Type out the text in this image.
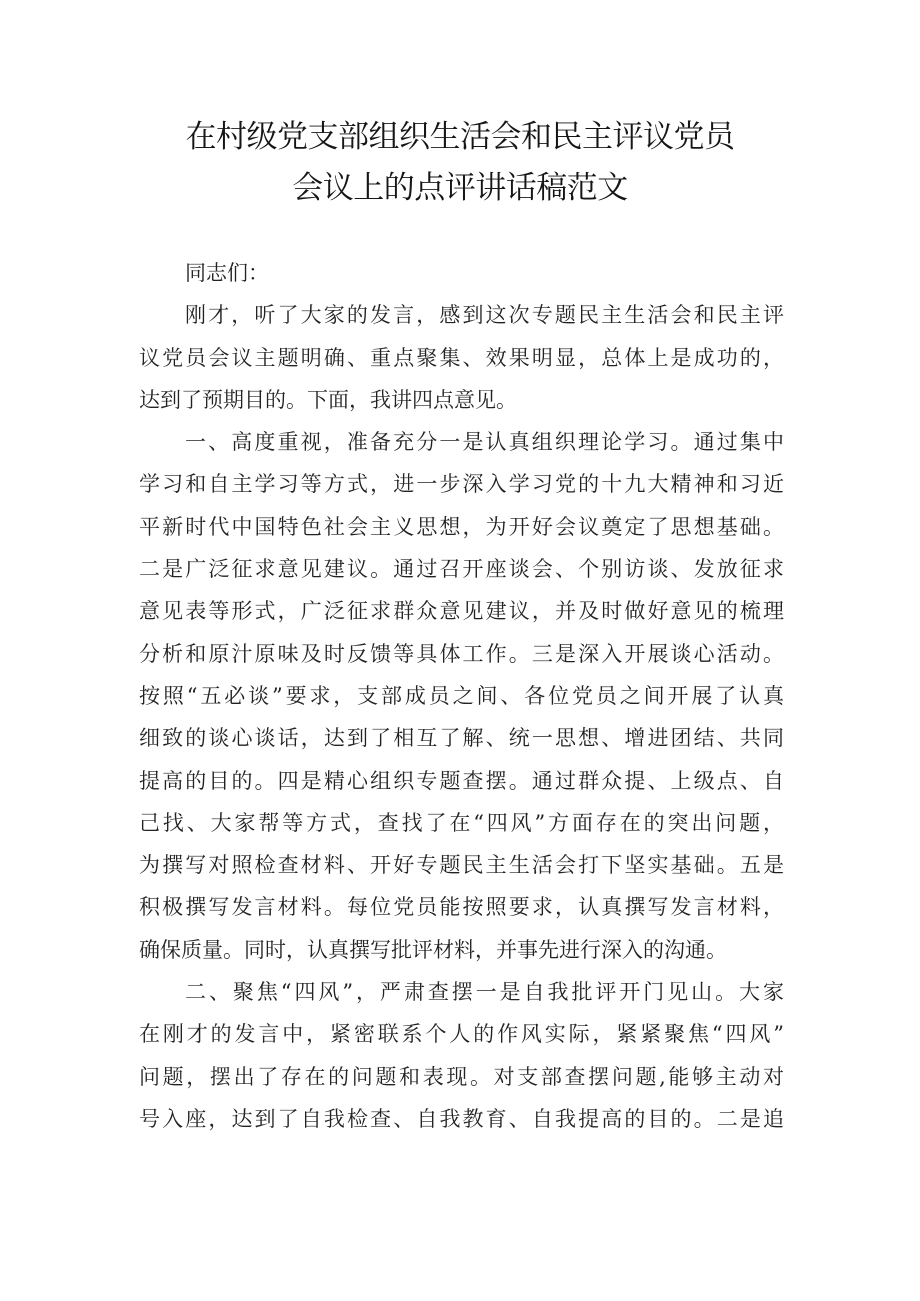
在村级党支部组织生活会和民主评议党员
会议上的点评讲话稿范文

同志们：

刚才，听了大家的发言，感到这次专题民主生活会和民主评
议党员会议主题明确、重点聚集、效果明显，总体上是成功的，
达到了预期目的。下面，我讲四点意见。

一、高度重视，准备充分一是认真组织理论学习。通过集中
学习和自主学习等方式，进一步深入学习党的十九大精神和习近
平新时代中国特色社会主义思想，为开好会议奠定了思想基础。
二是广泛征求意见建议。通过召开座谈会、个别访谈、发放征求
意见表等形式，广泛征求群众意见建议，并及时做好意见的梳理
分析和原汁原味及时反馈等具体工作。三是深入开展谈心活动。
按照“五必谈”要求，支部成员之间、各位党员之间开展了认真
细致的谈心谈话，达到了相互了解、统一思想、增进团结、共同
提高的目的。四是精心组织专题查摆。通过群众提、上级点、自
己找、大家帮等方式，查找了在“四风”方面存在的突出问题，
为撰写对照检查材料、开好专题民主生活会打下坚实基础。五是
积极撰写发言材料。每位党员能按照要求，认真撰写发言材料，
确保质量。同时，认真撰写批评材料，并事先进行深入的沟通。

二、聚焦“四风”，严肃查摆一是自我批评开门见山。大家
在刚才的发言中，紧密联系个人的作风实际，紧紧聚焦“四风”
问题，摆出了存在的问题和表现。对支部查摆问题,能够主动对
号入座，达到了自我检查、自我教育、自我提高的目的。二是追
